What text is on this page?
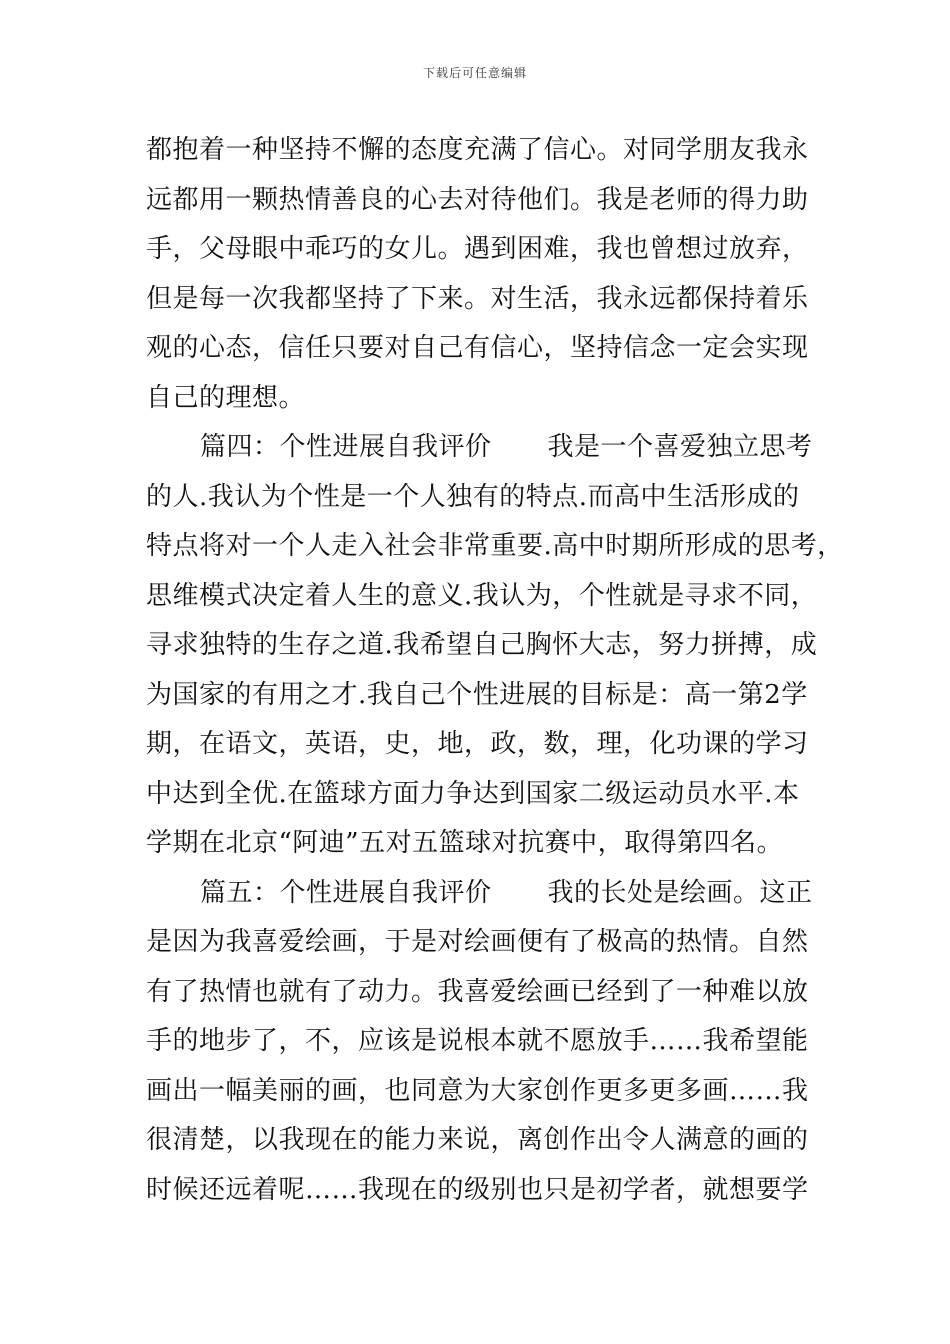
下载后可任意编辑
都抱着一种坚持不懈的态度充满了信心。对同学朋友我永
远都用一颗热情善良的心去对待他们。我是老师的得力助
手，父母眼中乖巧的女儿。遇到困难，我也曾想过放弃，
但是每一次我都坚持了下来。对生活，我永远都保持着乐
观的心态，信任只要对自己有信心，坚持信念一定会实现
自己的理想。
篇四：个性进展自我评价 我是一个喜爱独立思考
的人.我认为个性是一个人独有的特点.而高中生活形成的
特点将对一个人走入社会非常重要.高中时期所形成的思考，
思维模式决定着人生的意义.我认为，个性就是寻求不同，
寻求独特的生存之道.我希望自己胸怀大志，努力拼搏，成
为国家的有用之才.我自己个性进展的目标是：高一第2学
期，在语文，英语，史，地，政，数，理，化功课的学习
中达到全优.在篮球方面力争达到国家二级运动员水平.本
学期在北京“阿迪”五对五篮球对抗赛中，取得第四名。
篇五：个性进展自我评价 我的长处是绘画。这正
是因为我喜爱绘画，于是对绘画便有了极高的热情。自然
有了热情也就有了动力。我喜爱绘画已经到了一种难以放
手的地步了，不，应该是说根本就不愿放手……我希望能
画出一幅美丽的画，也同意为大家创作更多更多画……我
很清楚，以我现在的能力来说，离创作出令人满意的画的
时候还远着呢……我现在的级别也只是初学者，就想要学
